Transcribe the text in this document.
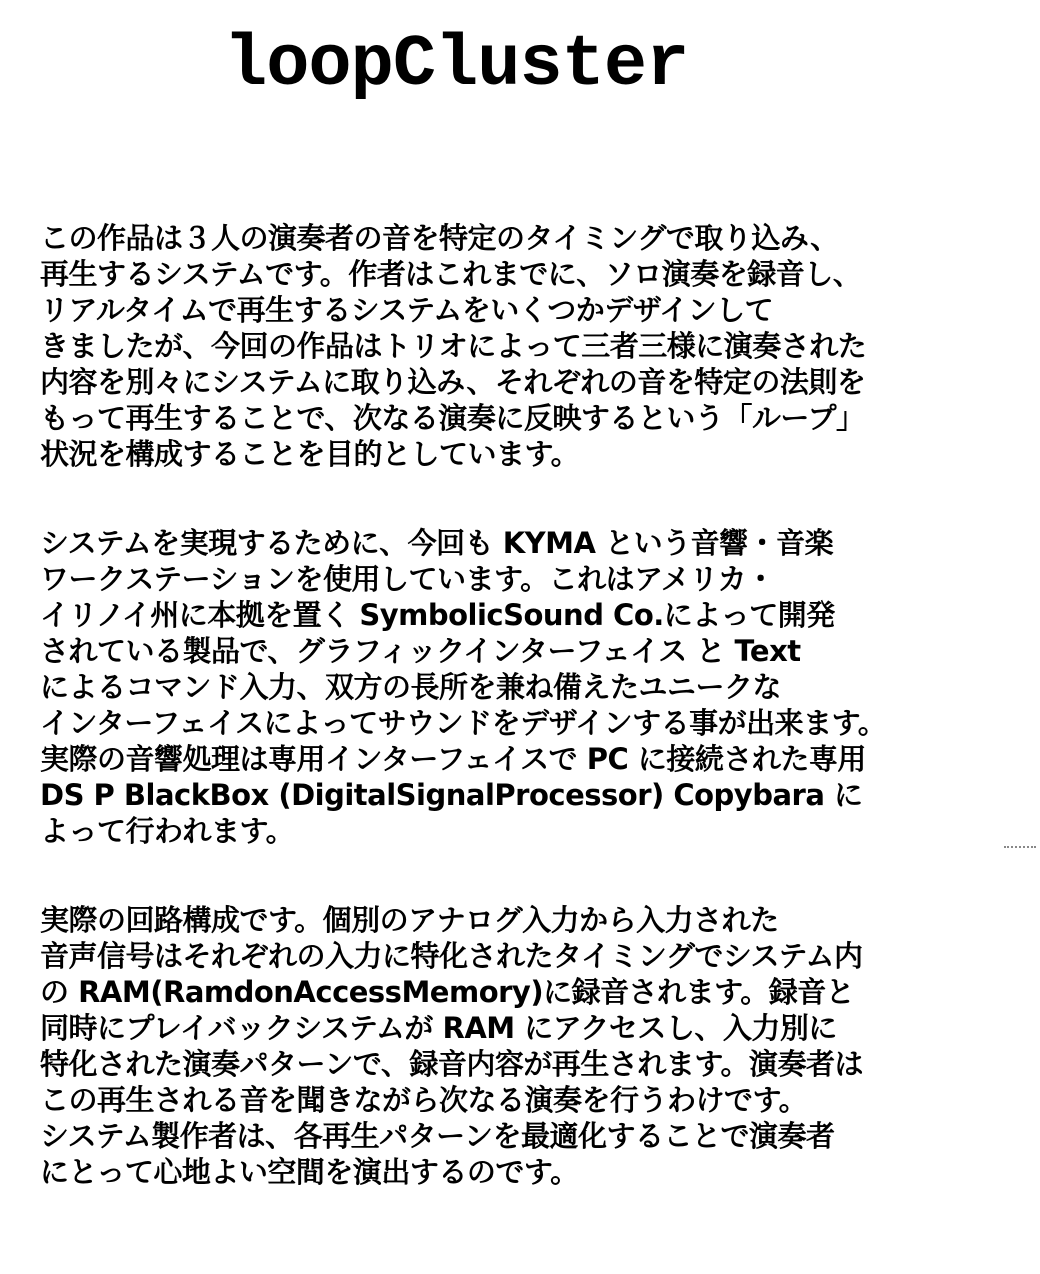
loopCluster
この作品は３人の演奏者の音を特定のタイミングで取り込み、
再生するシステムです。作者はこれまでに、ソロ演奏を録音し、
リアルタイムで再生するシステムをいくつかデザインして
きましたが、今回の作品はトリオによって三者三様に演奏された
内容を別々にシステムに取り込み、それぞれの音を特定の法則を
もって再生することで、次なる演奏に反映するという「ループ」
状況を構成することを目的としています。
システムを実現するために、今回も KYMA という音響・音楽
ワークステーションを使用しています。これはアメリカ・
イリノイ州に本拠を置く SymbolicSound Co.によって開発
されている製品で、グラフィックインターフェイス と Text
によるコマンド入力、双方の長所を兼ね備えたユニークな
インターフェイスによってサウンドをデザインする事が出来ます。
実際の音響処理は専用インターフェイスで PC に接続された専用
DS P BlackBox (DigitalSignalProcessor) Copybara に
よって行われます。
実際の回路構成です。個別のアナログ入力から入力された
音声信号はそれぞれの入力に特化されたタイミングでシステム内
の RAM(RamdonAccessMemory)に録音されます。録音と
同時にプレイバックシステムが RAM にアクセスし、入力別に
特化された演奏パターンで、録音内容が再生されます。演奏者は
この再生される音を聞きながら次なる演奏を行うわけです。
システム製作者は、各再生パターンを最適化することで演奏者
にとって心地よい空間を演出するのです。
